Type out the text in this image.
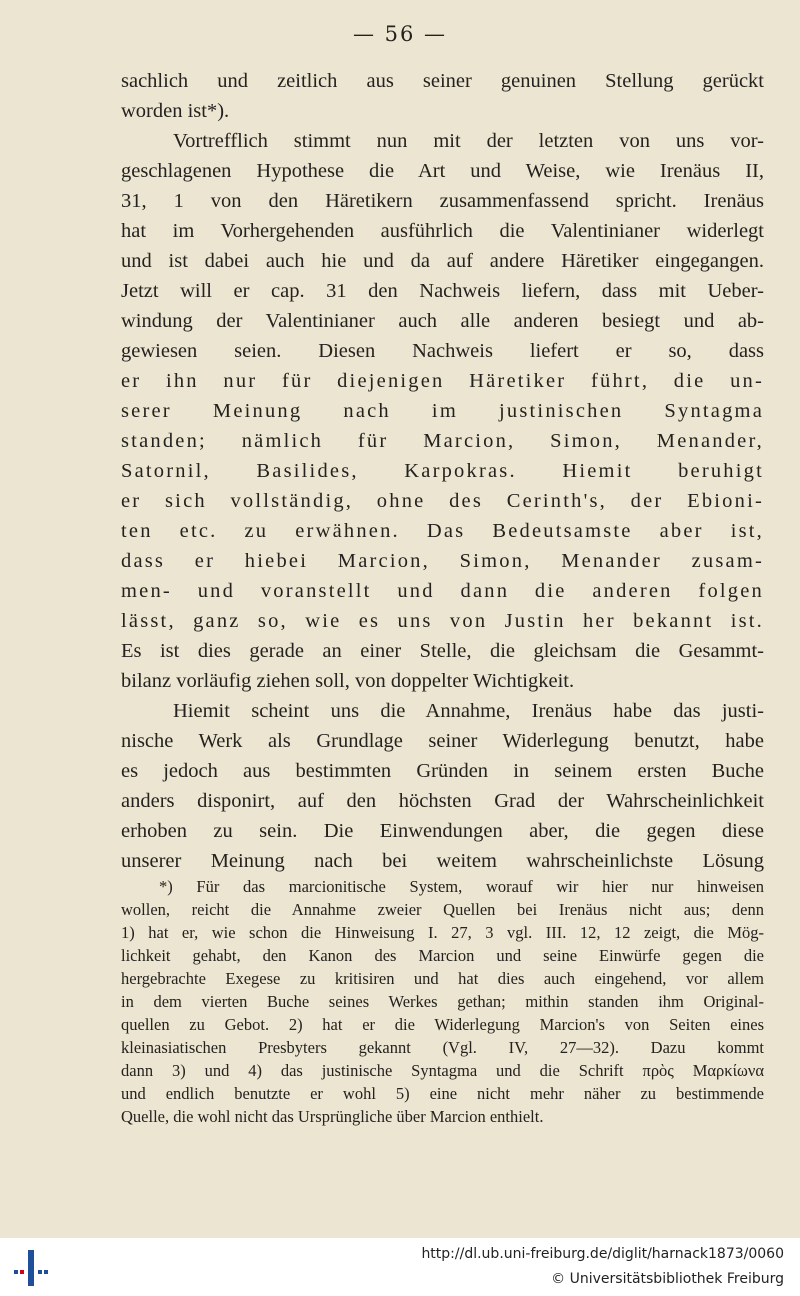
— 56 —
sachlich und zeitlich aus seiner genuinen Stellung gerückt
worden ist*).
Vortrefflich stimmt nun mit der letzten von uns vor-
geschlagenen Hypothese die Art und Weise, wie Irenäus II,
31, 1 von den Häretikern zusammenfassend spricht. Irenäus
hat im Vorhergehenden ausführlich die Valentinianer widerlegt
und ist dabei auch hie und da auf andere Häretiker eingegangen.
Jetzt will er cap. 31 den Nachweis liefern, dass mit Ueber-
windung der Valentinianer auch alle anderen besiegt und ab-
gewiesen seien. Diesen Nachweis liefert er so, dass
er ihn nur für diejenigen Häretiker führt, die un-
serer Meinung nach im justinischen Syntagma
standen; nämlich für Marcion, Simon, Menander,
Satornil, Basilides, Karpokras. Hiemit beruhigt
er sich vollständig, ohne des Cerinth's, der Ebioni-
ten etc. zu erwähnen. Das Bedeutsamste aber ist,
dass er hiebei Marcion, Simon, Menander zusam-
men- und voranstellt und dann die anderen folgen
lässt, ganz so, wie es uns von Justin her bekannt ist.
Es ist dies gerade an einer Stelle, die gleichsam die Gesammt-
bilanz vorläufig ziehen soll, von doppelter Wichtigkeit.
Hiemit scheint uns die Annahme, Irenäus habe das justi-
nische Werk als Grundlage seiner Widerlegung benutzt, habe
es jedoch aus bestimmten Gründen in seinem ersten Buche
anders disponirt, auf den höchsten Grad der Wahrscheinlichkeit
erhoben zu sein. Die Einwendungen aber, die gegen diese
unserer Meinung nach bei weitem wahrscheinlichste Lösung
*) Für das marcionitische System, worauf wir hier nur hinweisen
wollen, reicht die Annahme zweier Quellen bei Irenäus nicht aus; denn
1) hat er, wie schon die Hinweisung I. 27, 3 vgl. III. 12, 12 zeigt, die Mög-
lichkeit gehabt, den Kanon des Marcion und seine Einwürfe gegen die
hergebrachte Exegese zu kritisiren und hat dies auch eingehend, vor allem
in dem vierten Buche seines Werkes gethan; mithin standen ihm Original-
quellen zu Gebot. 2) hat er die Widerlegung Marcion's von Seiten eines
kleinasiatischen Presbyters gekannt (Vgl. IV, 27—32). Dazu kommt
dann 3) und 4) das justinische Syntagma und die Schrift πρὸς Μαρκίωνα
und endlich benutzte er wohl 5) eine nicht mehr näher zu bestimmende
Quelle, die wohl nicht das Ursprüngliche über Marcion enthielt.
http://dl.ub.uni-freiburg.de/diglit/harnack1873/0060
© Universitätsbibliothek Freiburg
